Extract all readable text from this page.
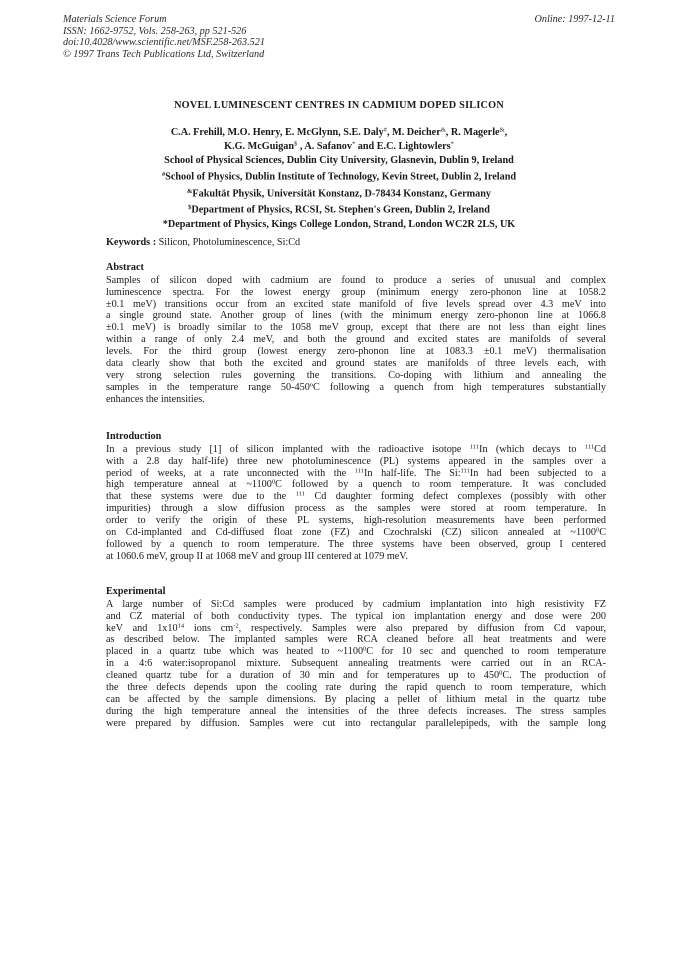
Materials Science Forum
ISSN: 1662-9752, Vols. 258-263, pp 521-526
doi:10.4028/www.scientific.net/MSF.258-263.521
© 1997 Trans Tech Publications Ltd, Switzerland
Online: 1997-12-11
NOVEL LUMINESCENT CENTRES IN CADMIUM DOPED SILICON
C.A. Frehill, M.O. Henry, E. McGlynn, S.E. Daly#, M. Deicher&, R. Magerle&,
K.G. McGuigan$ , A. Safanov* and E.C. Lightowlers*
School of Physical Sciences, Dublin City University, Glasnevin, Dublin 9, Ireland
#School of Physics, Dublin Institute of Technology, Kevin Street, Dublin 2, Ireland
&Fakultät Physik, Universität Konstanz, D-78434 Konstanz, Germany
$Department of Physics, RCSI, St. Stephen's Green, Dublin 2, Ireland
*Department of Physics, Kings College London, Strand, London WC2R 2LS, UK
Keywords : Silicon, Photoluminescence, Si:Cd
Abstract
Samples of silicon doped with cadmium are found to produce a series of unusual and complex
luminescence spectra. For the lowest energy group (minimum energy zero-phonon line at 1058.2
±0.1 meV) transitions occur from an excited state manifold of five levels spread over 4.3 meV into
a single ground state. Another group of lines (with the minimum energy zero-phonon line at 1066.8
±0.1 meV) is broadly similar to the 1058 meV group, except that there are not less than eight lines
within a range of only 2.4 meV, and both the ground and excited states are manifolds of several
levels. For the third group (lowest energy zero-phonon line at 1083.3 ±0.1 meV) thermalisation
data clearly show that both the excited and ground states are manifolds of three levels each, with
very strong selection rules governing the transitions. Co-doping with lithium and annealing the
samples in the temperature range 50-450ºC following a quench from high temperatures substantially
enhances the intensities.
Introduction
In a previous study [1] of silicon implanted with the radioactive isotope $^{111}$In (which decays to $^{111}$Cd
with a 2.8 day half-life) three new photoluminescence (PL) systems appeared in the samples over a
period of weeks, at a rate unconnected with the $^{111}$In half-life. The Si:$^{111}$In had been subjected to a
high temperature anneal at ~1100$^0$C followed by a quench to room temperature. It was concluded
that these systems were due to the $^{111}$ Cd daughter forming defect complexes (possibly with other
impurities) through a slow diffusion process as the samples were stored at room temperature. In
order to verify the origin of these PL systems, high-resolution measurements have been performed
on Cd-implanted and Cd-diffused float zone (FZ) and Czochralski (CZ) silicon annealed at ~1100$^0$C
followed by a quench to room temperature. The three systems have been observed, group I centered
at 1060.6 meV, group II at 1068 meV and group III centered at 1079 meV.
Experimental
A large number of Si:Cd samples were produced by cadmium implantation into high resistivity FZ
and CZ material of both conductivity types. The typical ion implantation energy and dose were 200
keV and $1x10^{14}$ ions $cm^{-2}$, respectively. Samples were also prepared by diffusion from Cd vapour,
as described below. The implanted samples were RCA cleaned before all heat treatments and were
placed in a quartz tube which was heated to ~1100$^0$C for 10 sec and quenched to room temperature
in a 4:6 water:isopropanol mixture. Subsequent annealing treatments were carried out in an RCA-
cleaned quartz tube for a duration of 30 min and for temperatures up to $450^0C$. The production of
the three defects depends upon the cooling rate during the rapid quench to room temperature, which
can be affected by the sample dimensions. By placing a pellet of lithium metal in the quartz tube
during the high temperature anneal the intensities of the three defects increases. The stress samples
were prepared by diffusion. Samples were cut into rectangular parallelepipeds, with the sample long
